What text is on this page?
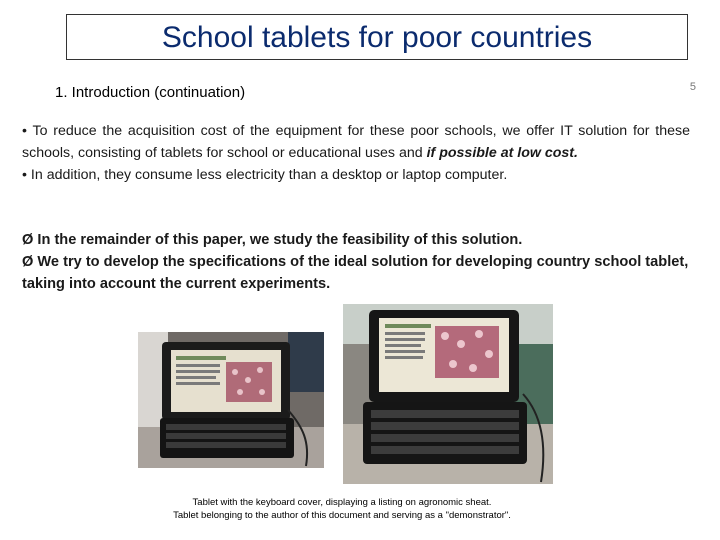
School tablets for poor countries
5
1. Introduction (continuation)

• To reduce the acquisition cost of the equipment for these poor schools, we offer IT solution for these schools, consisting of tablets for school or educational uses and if possible at low cost.

• In addition, they consume less electricity than a desktop or laptop computer.

Ø In the remainder of this paper, we study the feasibility of this solution.

Ø We try to develop the specifications of the ideal solution for developing country school tablet, taking into account the current experiments.

Tablet with the keyboard cover, displaying a listing on agronomic sheat.
Tablet belonging to the author of this document and serving as a "demonstrator".
